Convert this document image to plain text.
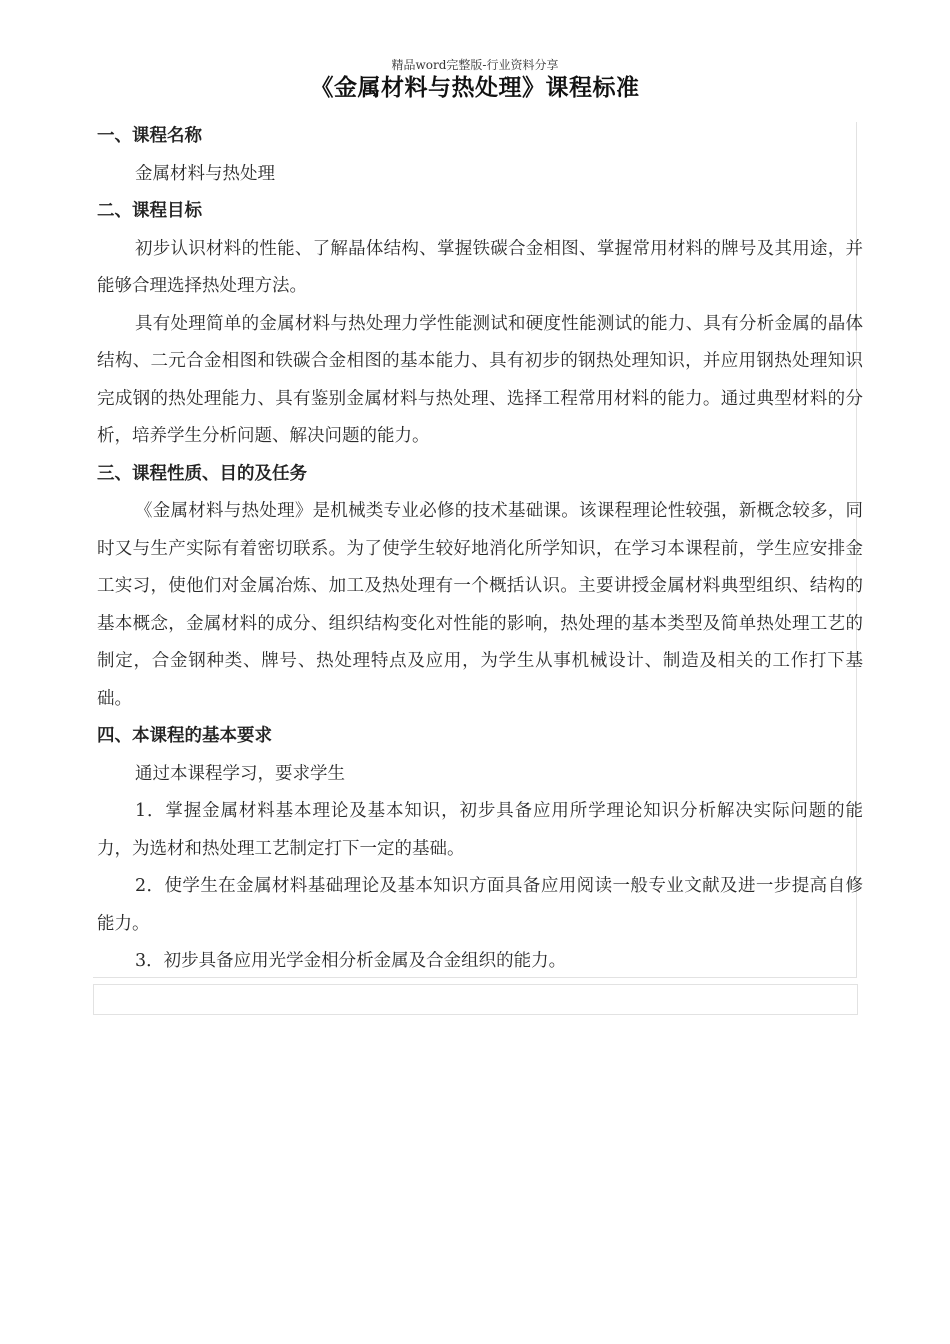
精品word完整版-行业资料分享
《金属材料与热处理》课程标准
一、课程名称

金属材料与热处理

二、课程目标

初步认识材料的性能、了解晶体结构、掌握铁碳合金相图、掌握常用材料的牌号及其用途，并能够合理选择热处理方法。

具有处理简单的金属材料与热处理力学性能测试和硬度性能测试的能力、具有分析金属的晶体结构、二元合金相图和铁碳合金相图的基本能力、具有初步的钢热处理知识，并应用钢热处理知识完成钢的热处理能力、具有鉴别金属材料与热处理、选择工程常用材料的能力。通过典型材料的分析，培养学生分析问题、解决问题的能力。

三、课程性质、目的及任务

《金属材料与热处理》是机械类专业必修的技术基础课。该课程理论性较强，新概念较多，同时又与生产实际有着密切联系。为了使学生较好地消化所学知识，在学习本课程前，学生应安排金工实习，使他们对金属冶炼、加工及热处理有一个概括认识。主要讲授金属材料典型组织、结构的基本概念，金属材料的成分、组织结构变化对性能的影响，热处理的基本类型及简单热处理工艺的制定，合金钢种类、牌号、热处理特点及应用，为学生从事机械设计、制造及相关的工作打下基础。

四、本课程的基本要求

通过本课程学习，要求学生

1．掌握金属材料基本理论及基本知识，初步具备应用所学理论知识分析解决实际问题的能力，为选材和热处理工艺制定打下一定的基础。

2．使学生在金属材料基础理论及基本知识方面具备应用阅读一般专业文献及进一步提高自修能力。

3．初步具备应用光学金相分析金属及合金组织的能力。
